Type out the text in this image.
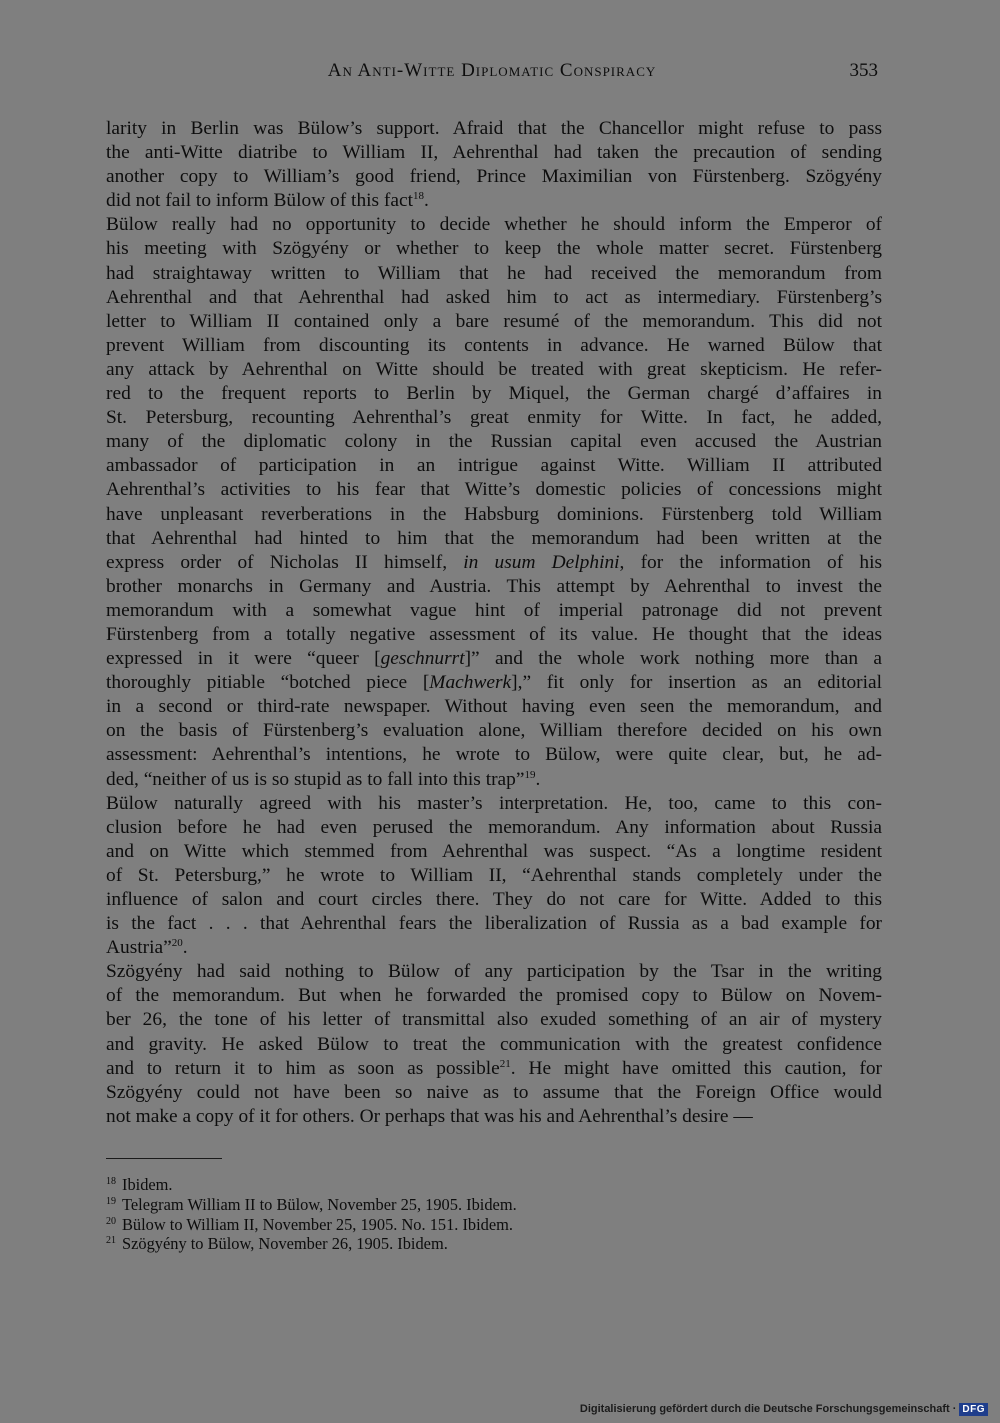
An Anti-Witte Diplomatic Conspiracy	353

larity in Berlin was Bülow’s support. Afraid that the Chancellor might refuse to pass

the anti-Witte diatribe to William II, Aehrenthal had taken the precaution of sending

another copy to William’s good friend, Prince Maximilian von Fürstenberg. Szögyény

did not fail to inform Bülow of this fact$^{18}$.

Bülow really had no opportunity to decide whether he should inform the Emperor of

his meeting with Szögyény or whether to keep the whole matter secret. Fürstenberg

had straightaway written to William that he had received the memorandum from

Aehrenthal and that Aehrenthal had asked him to act as intermediary. Fürstenberg’s

letter to William II contained only a bare resumé of the memorandum. This did not

prevent William from discounting its contents in advance. He warned Bülow that

any attack by Aehrenthal on Witte should be treated with great skepticism. He refer-

red to the frequent reports to Berlin by Miquel, the German chargé d’affaires in

St. Petersburg, recounting Aehrenthal’s great enmity for Witte. In fact, he added,

many of the diplomatic colony in the Russian capital even accused the Austrian

ambassador of participation in an intrigue against Witte. William II attributed

Aehrenthal’s activities to his fear that Witte’s domestic policies of concessions might

have unpleasant reverberations in the Habsburg dominions. Fürstenberg told William

that Aehrenthal had hinted to him that the memorandum had been written at the

express order of Nicholas II himself, in usum Delphini, for the information of his

brother monarchs in Germany and Austria. This attempt by Aehrenthal to invest the

memorandum with a somewhat vague hint of imperial patronage did not prevent

Fürstenberg from a totally negative assessment of its value. He thought that the ideas

expressed in it were “queer [geschnurrt]” and the whole work nothing more than a

thoroughly pitiable “botched piece [Machwerk],” fit only for insertion as an editorial

in a second or third-rate newspaper. Without having even seen the memorandum, and

on the basis of Fürstenberg’s evaluation alone, William therefore decided on his own

assessment: Aehrenthal’s intentions, he wrote to Bülow, were quite clear, but, he ad-

ded, “neither of us is so stupid as to fall into this trap”$^{19}$.

Bülow naturally agreed with his master’s interpretation. He, too, came to this con-

clusion before he had even perused the memorandum. Any information about Russia

and on Witte which stemmed from Aehrenthal was suspect. “As a longtime resident

of St. Petersburg,” he wrote to William II, “Aehrenthal stands completely under the

influence of salon and court circles there. They do not care for Witte. Added to this

is the fact . . . that Aehrenthal fears the liberalization of Russia as a bad example for

Austria”$^{20}$.

Szögyény had said nothing to Bülow of any participation by the Tsar in the writing

of the memorandum. But when he forwarded the promised copy to Bülow on Novem-

ber 26, the tone of his letter of transmittal also exuded something of an air of mystery

and gravity. He asked Bülow to treat the communication with the greatest confidence

and to return it to him as soon as possible$^{21}$. He might have omitted this caution, for

Szögyény could not have been so naive as to assume that the Foreign Office would

not make a copy of it for others. Or perhaps that was his and Aehrenthal’s desire —

$^{18}$ Ibidem.

$^{19}$ Telegram William II to Bülow, November 25, 1905. Ibidem.

$^{20}$ Bülow to William II, November 25, 1905. No. 151. Ibidem.

$^{21}$ Szögyény to Bülow, November 26, 1905. Ibidem.

Digitalisierung gefördert durch die Deutsche Forschungsgemeinschaft · DFG
